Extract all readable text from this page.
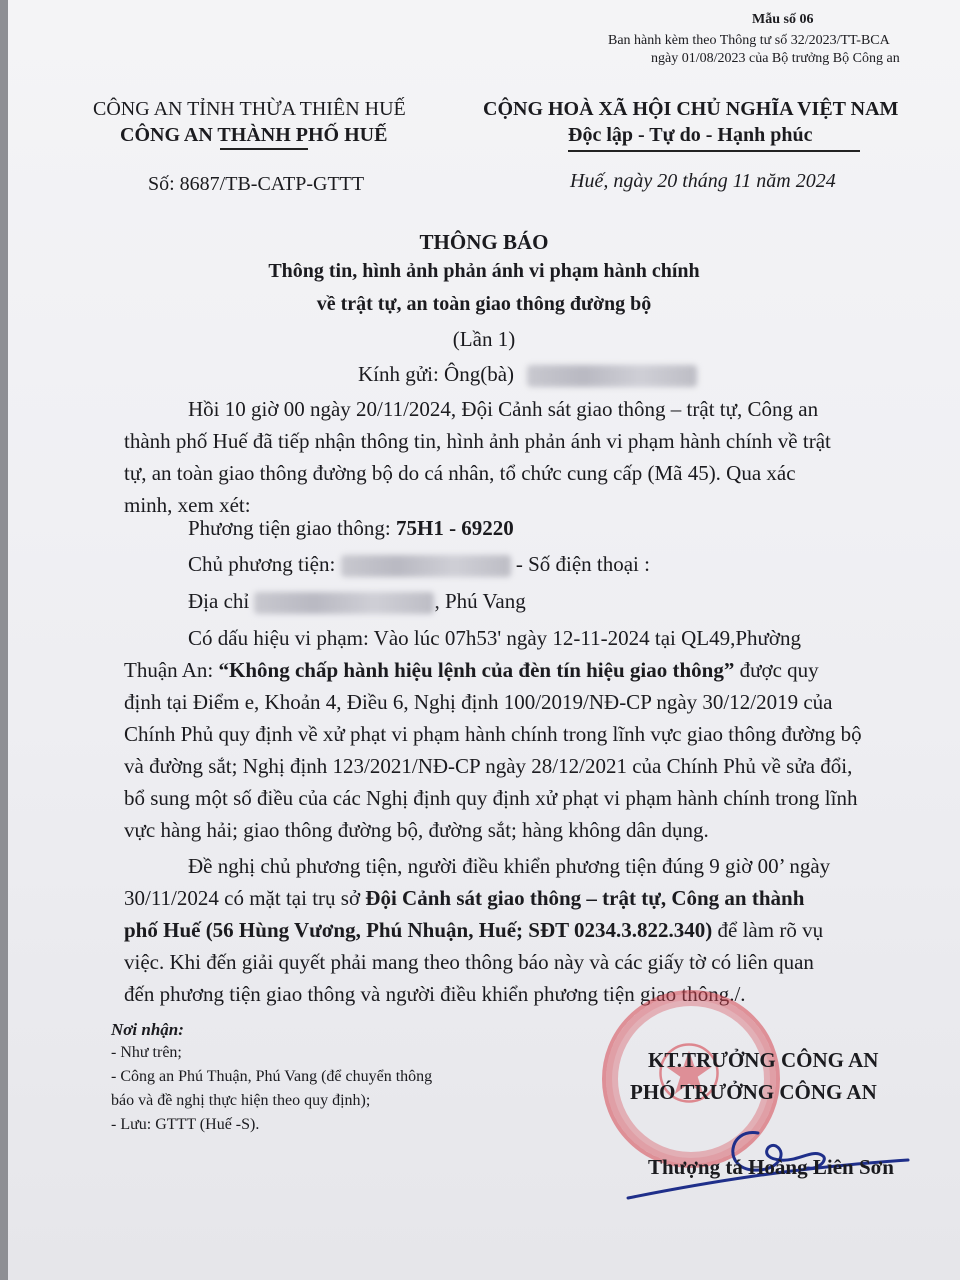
Mẫu số 06
Ban hành kèm theo Thông tư số 32/2023/TT-BCA
ngày 01/08/2023 của Bộ trưởng Bộ Công an
CÔNG AN TỈNH THỪA THIÊN HUẾ
CÔNG AN THÀNH PHỐ HUẾ
Số: 8687/TB-CATP-GTTT
CỘNG HOÀ XÃ HỘI CHỦ NGHĨA VIỆT NAM
Độc lập - Tự do - Hạnh phúc
Huế, ngày 20 tháng 11 năm 2024
THÔNG BÁO
Thông tin, hình ảnh phản ánh vi phạm hành chính
về trật tự, an toàn giao thông đường bộ
(Lần 1)
Kính gửi: Ông(bà)
Hồi 10 giờ 00 ngày 20/11/2024, Đội Cảnh sát giao thông – trật tự, Công an
thành phố Huế đã tiếp nhận thông tin, hình ảnh phản ánh vi phạm hành chính về trật
tự, an toàn giao thông đường bộ do cá nhân, tổ chức cung cấp (Mã 45). Qua xác
minh, xem xét:
Phương tiện giao thông: 75H1 - 69220
Chủ phương tiện:	- Số điện thoại :
Địa chỉ	, Phú Vang
Có dấu hiệu vi phạm: Vào lúc 07h53' ngày 12-11-2024 tại QL49,Phường
Thuận An: “Không chấp hành hiệu lệnh của đèn tín hiệu giao thông” được quy
định tại Điểm e, Khoản 4, Điều 6, Nghị định 100/2019/NĐ-CP ngày 30/12/2019 của
Chính Phủ quy định về xử phạt vi phạm hành chính trong lĩnh vực giao thông đường bộ
và đường sắt; Nghị định 123/2021/NĐ-CP ngày 28/12/2021 của Chính Phủ về sửa đổi,
bổ sung một số điều của các Nghị định quy định xử phạt vi phạm hành chính trong lĩnh
vực hàng hải; giao thông đường bộ, đường sắt; hàng không dân dụng.
Đề nghị chủ phương tiện, người điều khiển phương tiện đúng 9 giờ 00’ ngày
30/11/2024 có mặt tại trụ sở Đội Cảnh sát giao thông – trật tự, Công an thành
phố Huế (56 Hùng Vương, Phú Nhuận, Huế; SĐT 0234.3.822.340) để làm rõ vụ
việc. Khi đến giải quyết phải mang theo thông báo này và các giấy tờ có liên quan
đến phương tiện giao thông và người điều khiển phương tiện giao thông./.
Nơi nhận:
- Như trên;
- Công an Phú Thuận, Phú Vang (để chuyển thông
báo và đề nghị thực hiện theo quy định);
- Lưu: GTTT (Huế -S).
KT.TRƯỞNG CÔNG AN
PHÓ TRƯỞNG CÔNG AN
Thượng tá Hoàng Liên Sơn
